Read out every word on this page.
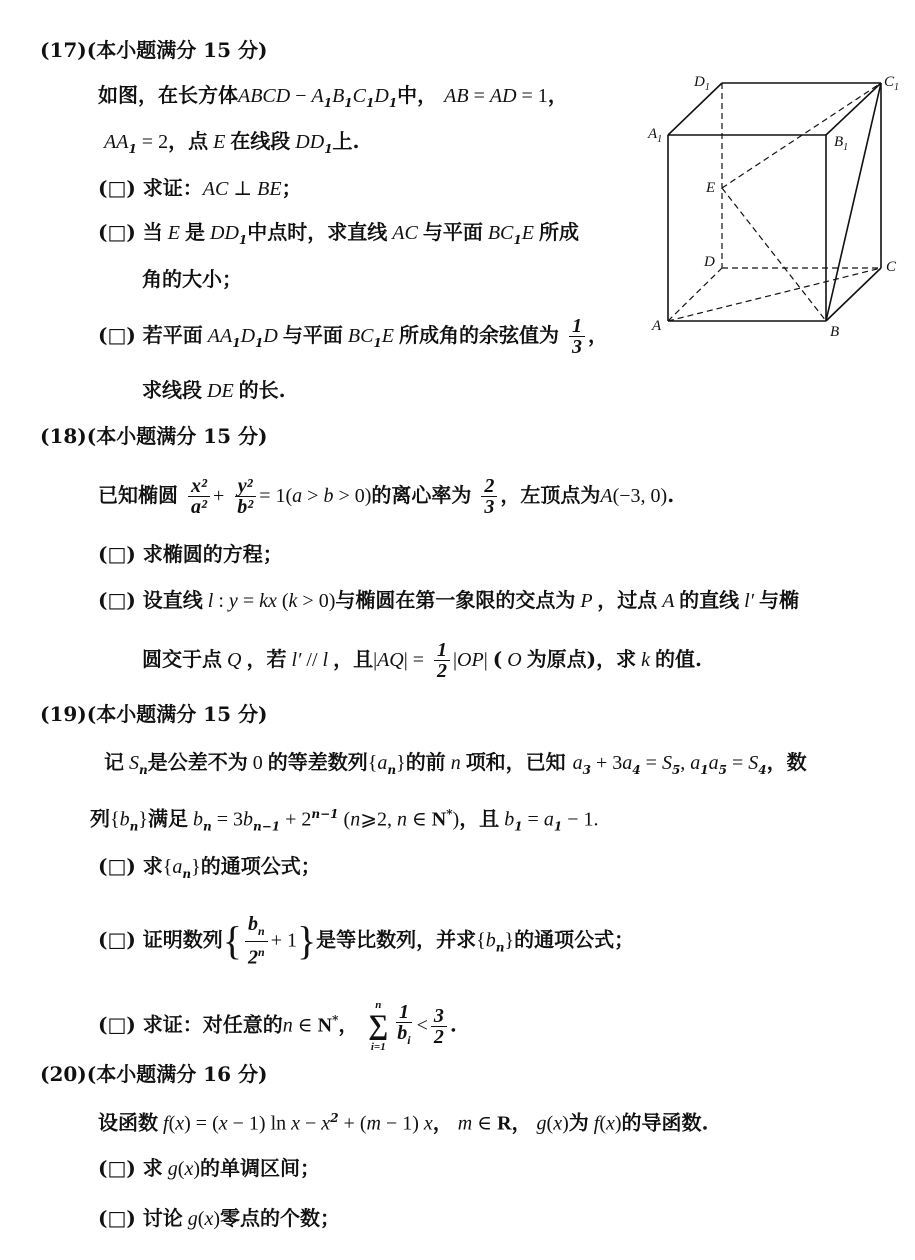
(17)(本小题满分 15 分)
如图，在长方体ABCD − $A_1B_1C_1D_1$中， AB = AD = 1，
$AA_1 = 2$，点 E 在线段 $DD_1$上.
(□) 求证：AC ⊥ BE；
(□) 当 E 是 $DD_1$中点时，求直线 AC 与平面 $BC_1E$ 所成
角的大小；
(□) 若平面 $AA_1D_1D$ 与平面 $BC_1E$ 所成角的余弦值为 $\frac{1}{3}$ ，
求线段 DE 的长.
$D_1$	$C_1$
$A_1$	$B_1$
E
D	C
A	B
(18)(本小题满分 15 分)
已知椭圆 $\frac{\text{x²}}{\text{a²}} + \frac{\text{y²}}{\text{b²}} = 1(a > b > 0)$的离心率为 $\frac{2}{3}$ ，左顶点为A(−3, 0).
(□) 求椭圆的方程；
(□) 设直线 l : y = kx (k > 0)与椭圆在第一象限的交点为 P ，过点 A 的直线 l′ 与椭
圆交于点 Q ，若 l′ // l ，且$|AQ| = \frac{1}{2} |OP|$ ( O 为原点)，求 k 的值.
(19)(本小题满分 15 分)
记 $S_n$是公差不为 0 的等差数列$\{a_n\}$的前 n 项和，已知 $a_3 + 3a_4 = S_5$, $a_1a_5 = S_4$，数
列$\{b_n\}$满足 $b_n = 3b_{n-1} + 2^{n-1}$ (n⩾2, n ∈ N*)，且 $b_1 = a_1 - 1$.
(□) 求$\{a_n\}$的通项公式；
(□) 证明数列{ $\frac{b_n}{2^n} + 1$}是等比数列，并求$\{b_n\}$的通项公式；
(□) 求证：对任意的n ∈ N*，
n
∑
$i=1 \frac{1}{b_i} < \frac{3}{2}$ .
(20)(本小题满分 16 分)
设函数 f(x) = (x − 1) $\ln x - x^2 + (m - 1)$ x， m ∈ R， g(x)为 f(x)的导函数.
(□) 求 g(x)的单调区间；
(□) 讨论 g(x)零点的个数；
